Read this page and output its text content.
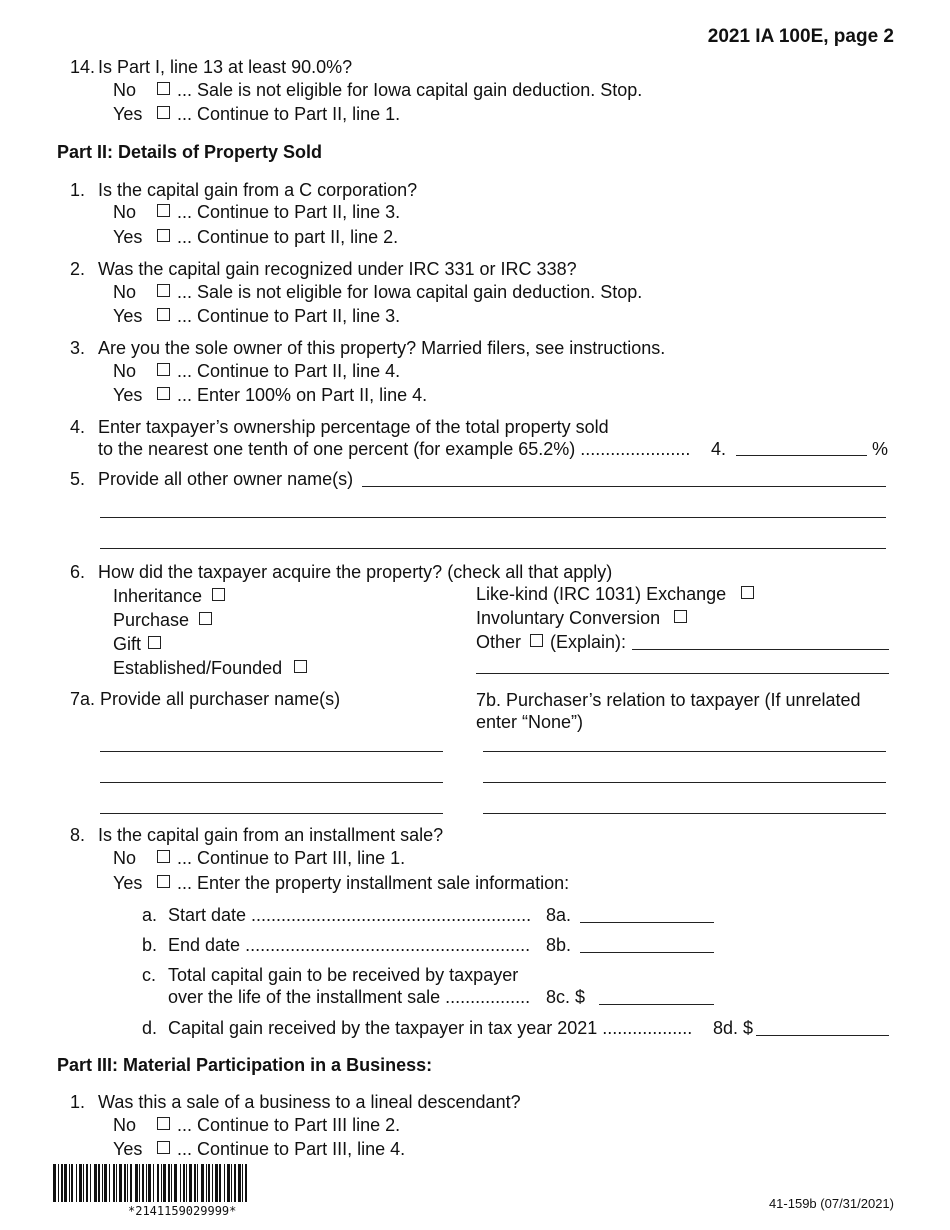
2021 IA 100E, page 2
14. Is Part I, line 13 at least 90.0%?
No ... Sale is not eligible for Iowa capital gain deduction. Stop.
Yes ... Continue to Part II, line 1.
Part II: Details of Property Sold
1. Is the capital gain from a C corporation?
No ... Continue to Part II, line 3.
Yes ... Continue to part II, line 2.
2. Was the capital gain recognized under IRC 331 or IRC 338?
No ... Sale is not eligible for Iowa capital gain deduction. Stop.
Yes ... Continue to Part II, line 3.
3. Are you the sole owner of this property? Married filers, see instructions.
No ... Continue to Part II, line 4.
Yes ... Enter 100% on Part II, line 4.
4. Enter taxpayer’s ownership percentage of the total property sold
to the nearest one tenth of one percent (for example 65.2%) ...................... 4.	%
5. Provide all other owner name(s)
6. How did the taxpayer acquire the property? (check all that apply)
Inheritance
Purchase
Gift
Established/Founded
Like-kind (IRC 1031) Exchange
Involuntary Conversion
Other (Explain):
7a. Provide all purchaser name(s)	7b. Purchaser’s relation to taxpayer (If unrelated
enter “None”)
8. Is the capital gain from an installment sale?
No ... Continue to Part III, line 1.
Yes ... Enter the property installment sale information:
a. Start date ........................................................ 8a.
b. End date ......................................................... 8b.
c. Total capital gain to be received by taxpayer
over the life of the installment sale ................. 8c. $
d. Capital gain received by the taxpayer in tax year 2021 .................. 8d. $
Part III: Material Participation in a Business:
1. Was this a sale of a business to a lineal descendant?
No ... Continue to Part III line 2.
Yes ... Continue to Part III, line 4.
*2141159029999*	41-159b (07/31/2021)
